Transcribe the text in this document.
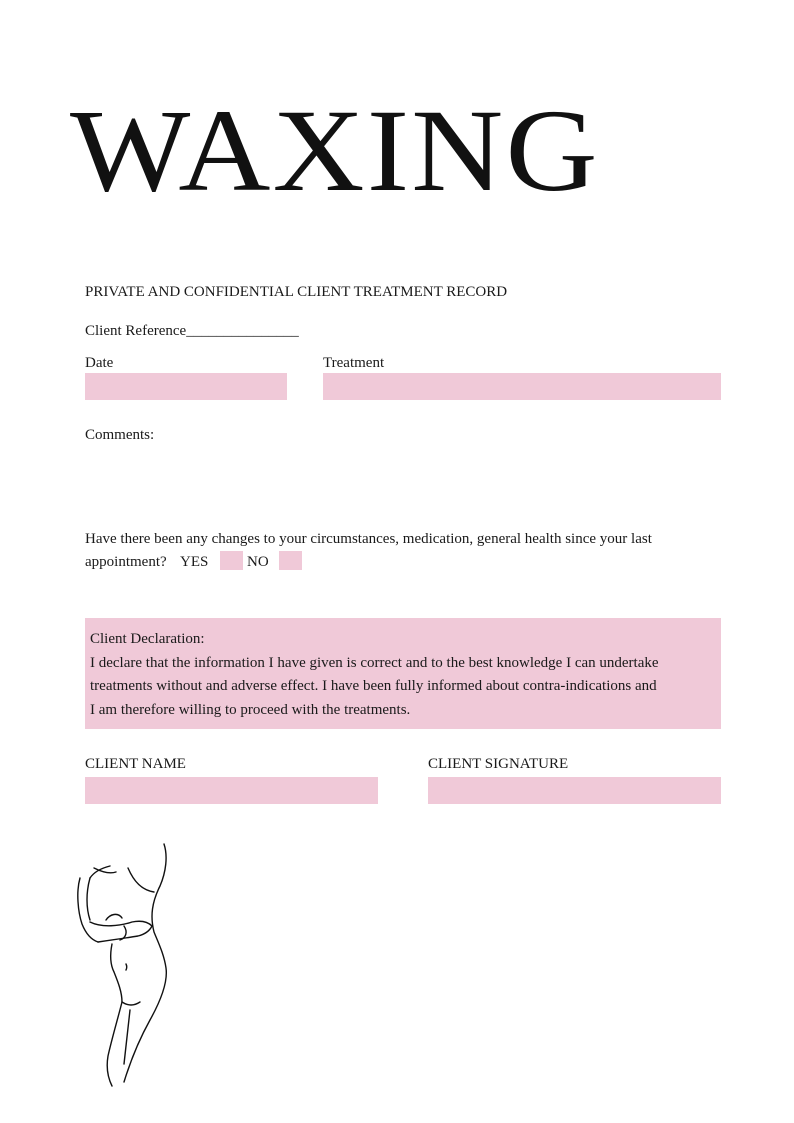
WAXING
PRIVATE AND CONFIDENTIAL CLIENT TREATMENT RECORD
Client Reference_______________
Date	Treatment
Comments:
Have there been any changes to your circumstances, medication, general health since your last
appointment? YES	NO
Client Declaration:
I declare that the information I have given is correct and to the best knowledge I can undertake
treatments without and adverse effect. I have been fully informed about contra-indications and
I am therefore willing to proceed with the treatments.
CLIENT NAME	CLIENT SIGNATURE
